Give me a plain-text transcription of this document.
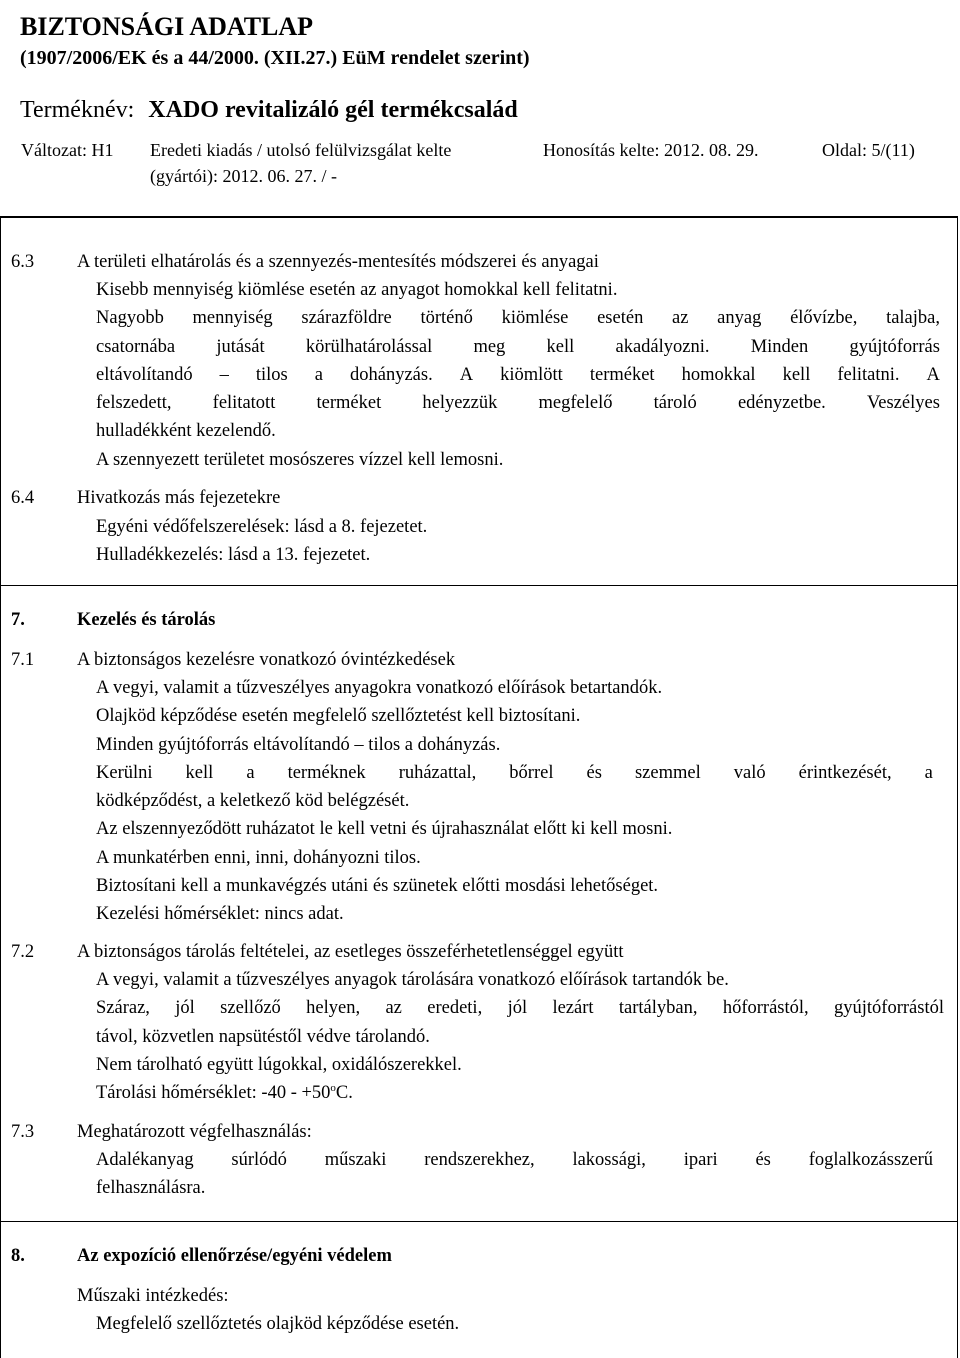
BIZTONSÁGI ADATLAP
(1907/2006/EK és a 44/2000. (XII.27.) EüM rendelet szerint)
Terméknév: XADO revitalizáló gél termékcsalád
Változat: H1 Eredeti kiadás / utolsó felülvizsgálat kelte	Honosítás kelte: 2012. 08. 29.	Oldal: 5/(11)
(gyártói): 2012. 06. 27. / -
6.3 A területi elhatárolás és a szennyezés-mentesítés módszerei és anyagai
Kisebb mennyiség kiömlése esetén az anyagot homokkal kell felitatni.
Nagyobb mennyiség szárazföldre történő kiömlése esetén az anyag élővízbe, talajba,
csatornába jutását körülhatárolással meg kell akadályozni. Minden gyújtóforrás
eltávolítandó – tilos a dohányzás. A kiömlött terméket homokkal kell felitatni. A
felszedett, felitatott terméket helyezzük megfelelő tároló edényzetbe. Veszélyes
hulladékként kezelendő.
A szennyezett területet mosószeres vízzel kell lemosni.
6.4 Hivatkozás más fejezetekre
Egyéni védőfelszerelések: lásd a 8. fejezetet.
Hulladékkezelés: lásd a 13. fejezetet.
7.	Kezelés és tárolás
7.1 A biztonságos kezelésre vonatkozó óvintézkedések
A vegyi, valamit a tűzveszélyes anyagokra vonatkozó előírások betartandók.
Olajköd képződése esetén megfelelő szellőztetést kell biztosítani.
Minden gyújtóforrás eltávolítandó – tilos a dohányzás.
Kerülni kell a terméknek ruházattal, bőrrel és szemmel való érintkezését, a
ködképződést, a keletkező köd belégzését.
Az elszennyeződött ruházatot le kell vetni és újrahasználat előtt ki kell mosni.
A munkatérben enni, inni, dohányozni tilos.
Biztosítani kell a munkavégzés utáni és szünetek előtti mosdási lehetőséget.
Kezelési hőmérséklet: nincs adat.
7.2 A biztonságos tárolás feltételei, az esetleges összeférhetetlenséggel együtt
A vegyi, valamit a tűzveszélyes anyagok tárolására vonatkozó előírások tartandók be.
Száraz, jól szellőző helyen, az eredeti, jól lezárt tartályban, hőforrástól, gyújtóforrástól
távol, közvetlen napsütéstől védve tárolandó.
Nem tárolható együtt lúgokkal, oxidálószerekkel.
Tárolási hőmérséklet: $-40 - +50^oC$.
7.3 Meghatározott végfelhasználás:
Adalékanyag súrlódó műszaki rendszerekhez, lakossági, ipari és foglalkozásszerű
felhasználásra.
8.	Az expozíció ellenőrzése/egyéni védelem
Műszaki intézkedés:
Megfelelő szellőztetés olajköd képződése esetén.
